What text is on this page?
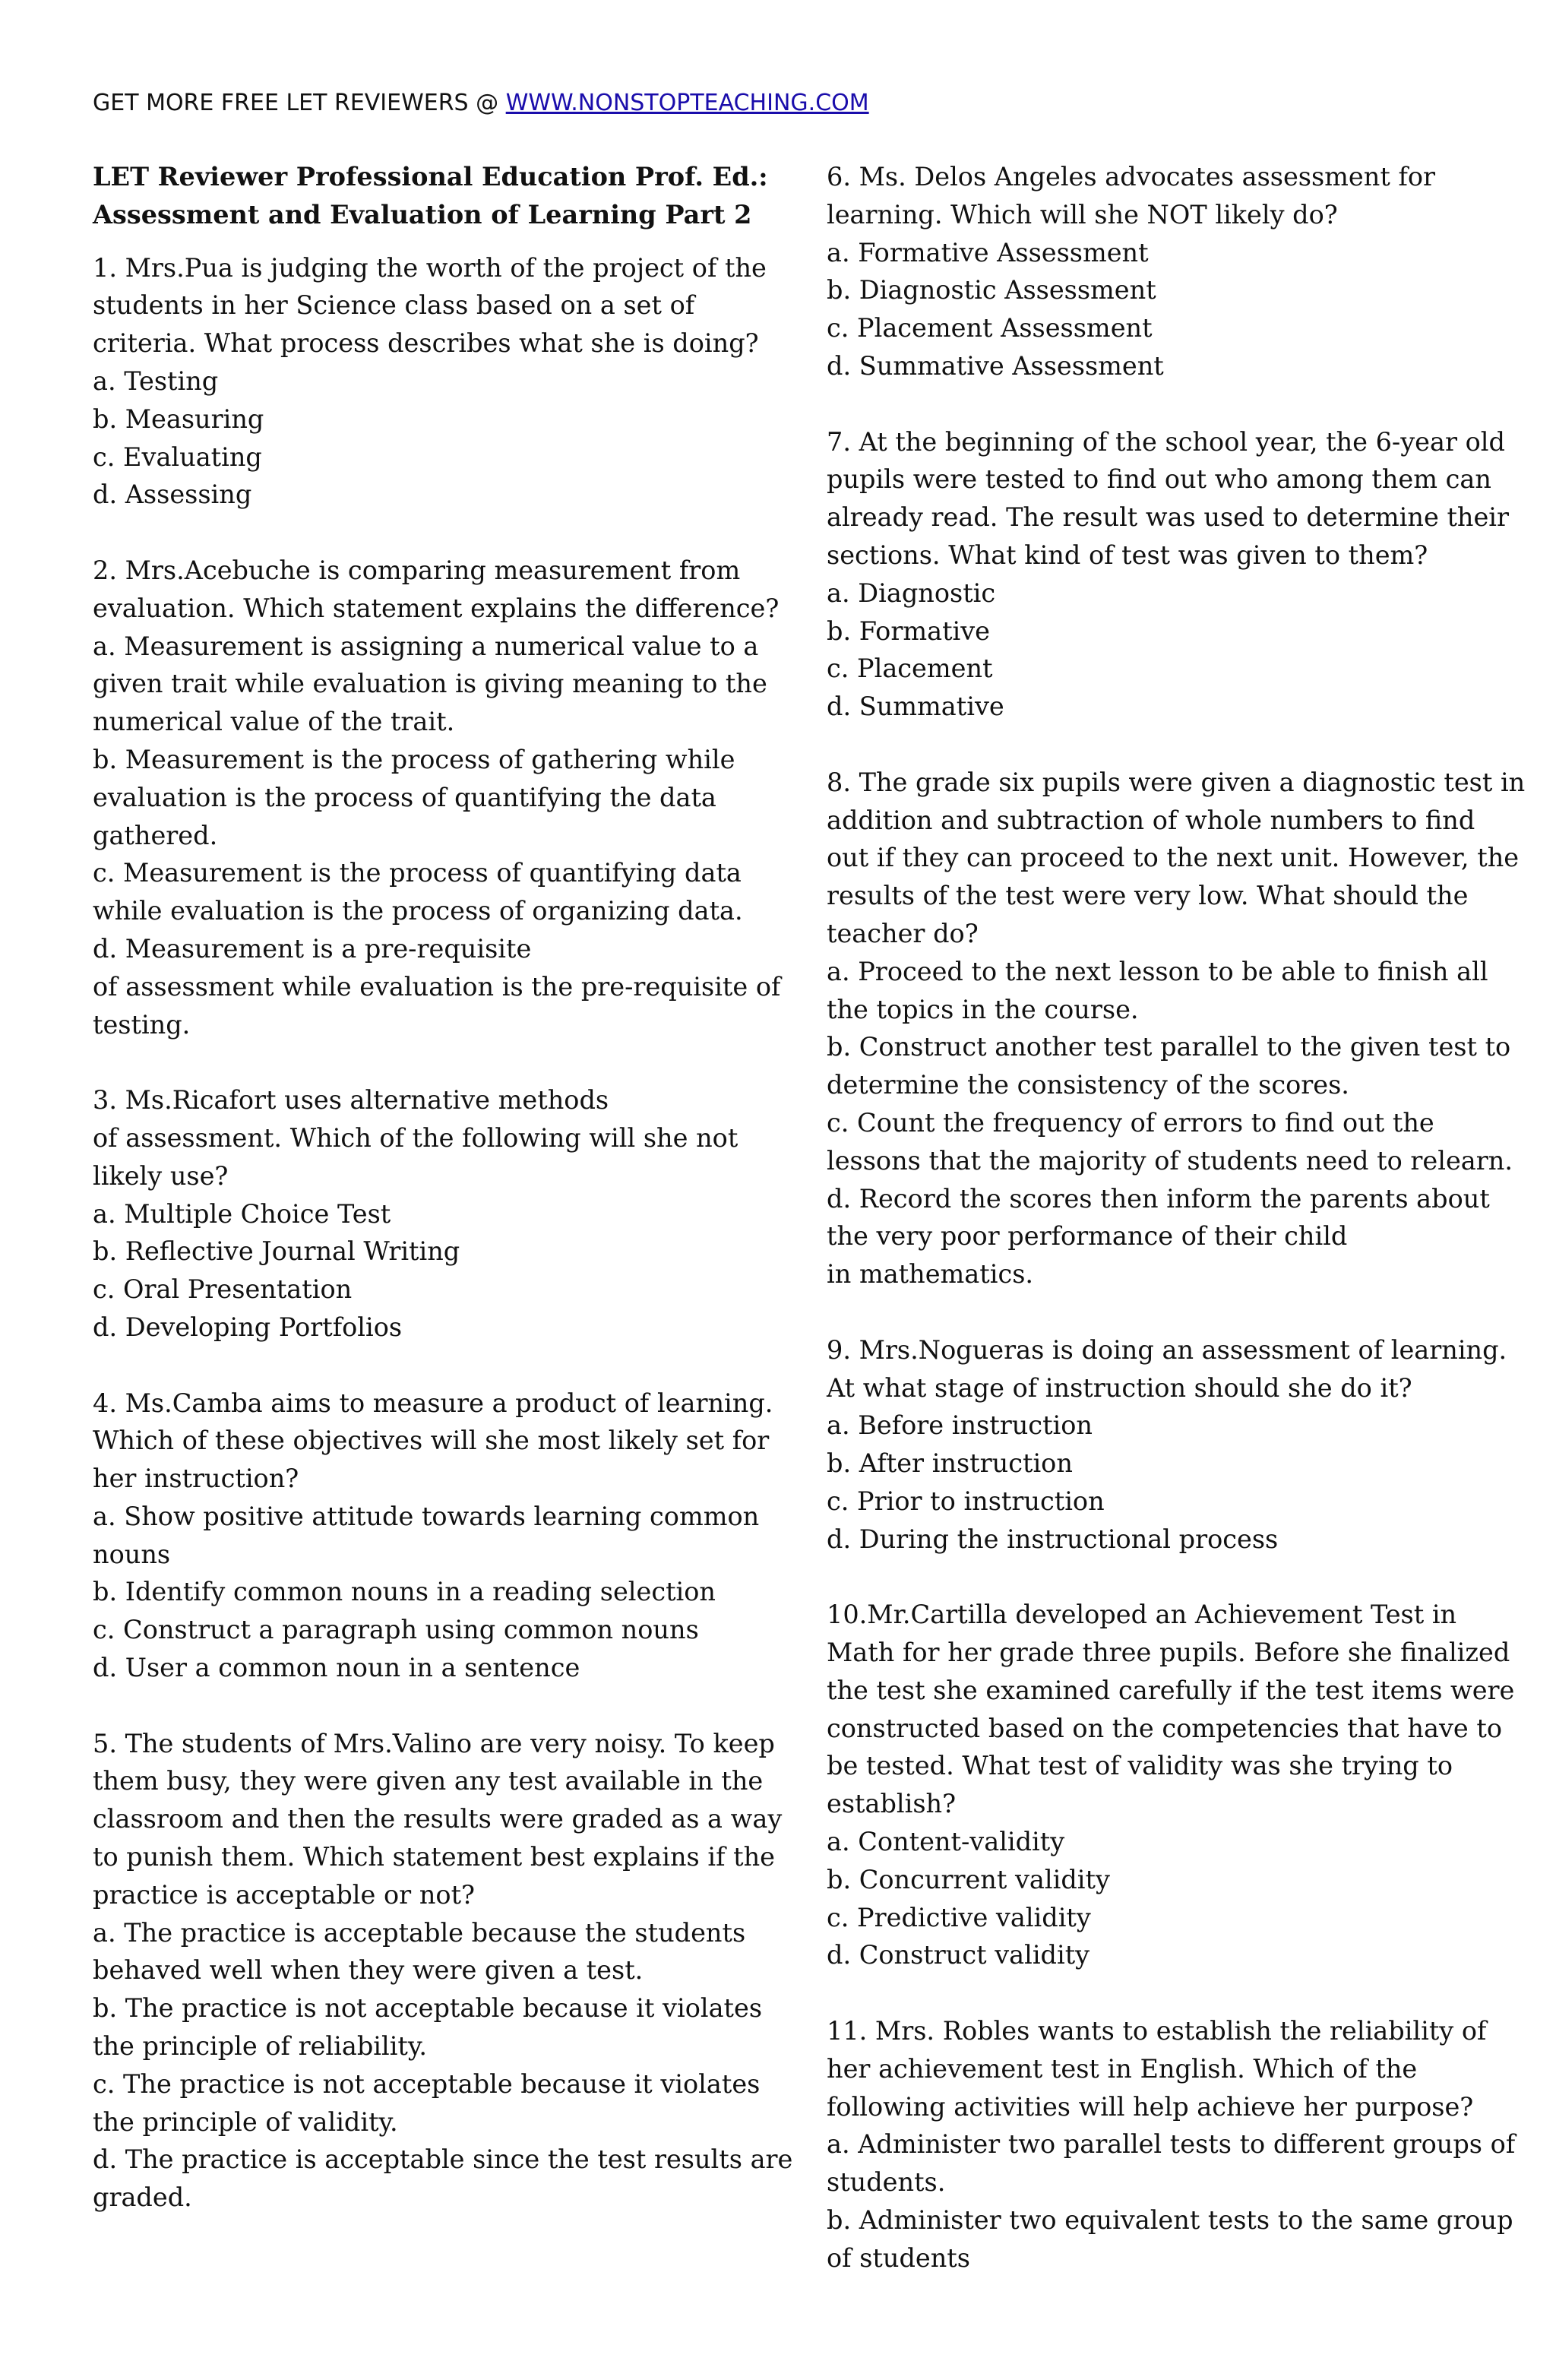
GET MORE FREE LET REVIEWERS @ WWW.NONSTOPTEACHING.COM
LET Reviewer Professional Education Prof. Ed.:
Assessment and Evaluation of Learning Part 2
1. Mrs.Pua is judging the worth of the project of the
students in her Science class based on a set of
criteria. What process describes what she is doing?
a. Testing
b. Measuring
c. Evaluating
d. Assessing
2. Mrs.Acebuche is comparing measurement from
evaluation. Which statement explains the difference?
a. Measurement is assigning a numerical value to a
given trait while evaluation is giving meaning to the
numerical value of the trait.
b. Measurement is the process of gathering while
evaluation is the process of quantifying the data
gathered.
c. Measurement is the process of quantifying data
while evaluation is the process of organizing data.
d. Measurement is a pre-requisite
of assessment while evaluation is the pre-requisite of
testing.
3. Ms.Ricafort uses alternative methods
of assessment. Which of the following will she not
likely use?
a. Multiple Choice Test
b. Reflective Journal Writing
c. Oral Presentation
d. Developing Portfolios
4. Ms.Camba aims to measure a product of learning.
Which of these objectives will she most likely set for
her instruction?
a. Show positive attitude towards learning common
nouns
b. Identify common nouns in a reading selection
c. Construct a paragraph using common nouns
d. User a common noun in a sentence
5. The students of Mrs.Valino are very noisy. To keep
them busy, they were given any test available in the
classroom and then the results were graded as a way
to punish them. Which statement best explains if the
practice is acceptable or not?
a. The practice is acceptable because the students
behaved well when they were given a test.
b. The practice is not acceptable because it violates
the principle of reliability.
c. The practice is not acceptable because it violates
the principle of validity.
d. The practice is acceptable since the test results are
graded.
6. Ms. Delos Angeles advocates assessment for
learning. Which will she NOT likely do?
a. Formative Assessment
b. Diagnostic Assessment
c. Placement Assessment
d. Summative Assessment
7. At the beginning of the school year, the 6-year old
pupils were tested to find out who among them can
already read. The result was used to determine their
sections. What kind of test was given to them?
a. Diagnostic
b. Formative
c. Placement
d. Summative
8. The grade six pupils were given a diagnostic test in
addition and subtraction of whole numbers to find
out if they can proceed to the next unit. However, the
results of the test were very low. What should the
teacher do?
a. Proceed to the next lesson to be able to finish all
the topics in the course.
b. Construct another test parallel to the given test to
determine the consistency of the scores.
c. Count the frequency of errors to find out the
lessons that the majority of students need to relearn.
d. Record the scores then inform the parents about
the very poor performance of their child
in mathematics.
9. Mrs.Nogueras is doing an assessment of learning.
At what stage of instruction should she do it?
a. Before instruction
b. After instruction
c. Prior to instruction
d. During the instructional process
10.Mr.Cartilla developed an Achievement Test in
Math for her grade three pupils. Before she finalized
the test she examined carefully if the test items were
constructed based on the competencies that have to
be tested. What test of validity was she trying to
establish?
a. Content-validity
b. Concurrent validity
c. Predictive validity
d. Construct validity
11. Mrs. Robles wants to establish the reliability of
her achievement test in English. Which of the
following activities will help achieve her purpose?
a. Administer two parallel tests to different groups of
students.
b. Administer two equivalent tests to the same group
of students
